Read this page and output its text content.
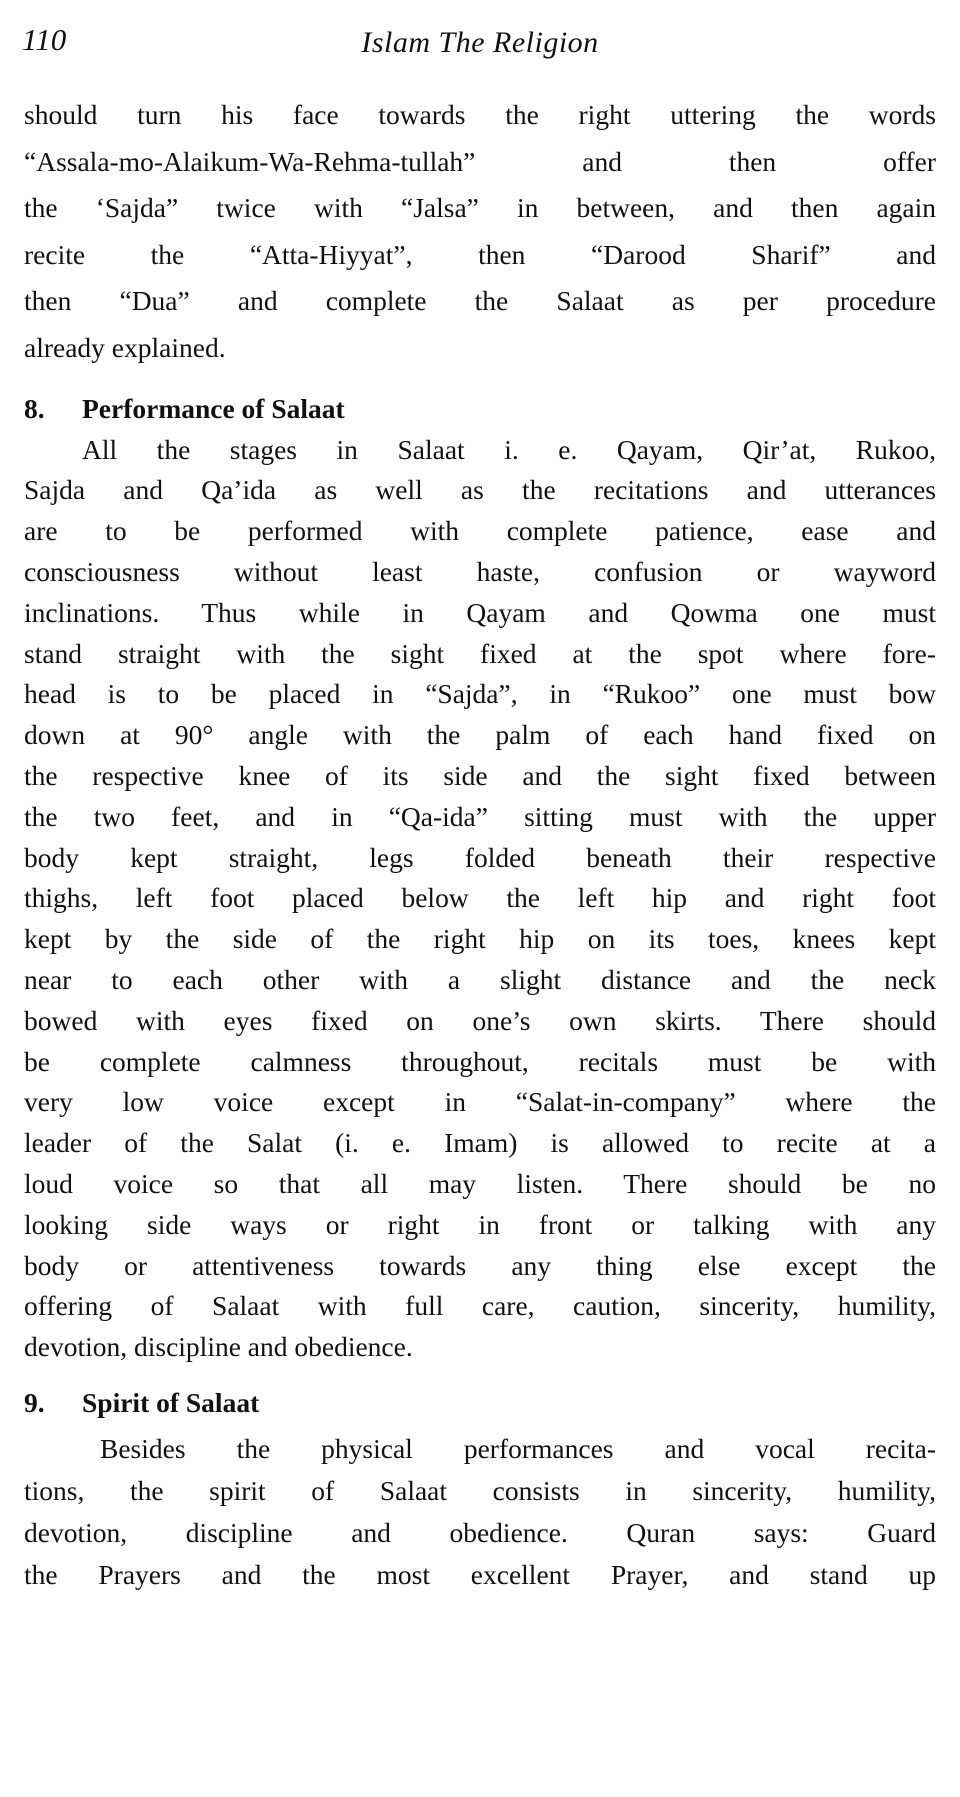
110	Islam The Religion
should turn his face towards the right uttering the words
“Assala-mo-Alaikum-Wa-Rehma-tullah” and then offer
the ‘Sajda” twice with “Jalsa” in between, and then again
recite the “Atta-Hiyyat”, then “Darood Sharif” and
then “Dua” and complete the Salaat as per procedure
already explained.
8. Performance of Salaat
All the stages in Salaat i. e. Qayam, Qir’at, Rukoo,
Sajda and Qa’ida as well as the recitations and utterances
are to be performed with complete patience, ease and
consciousness without least haste, confusion or wayword
inclinations. Thus while in Qayam and Qowma one must
stand straight with the sight fixed at the spot where fore-
head is to be placed in “Sajda”, in “Rukoo” one must bow
down at 90° angle with the palm of each hand fixed on
the respective knee of its side and the sight fixed between
the two feet, and in “Qa-ida” sitting must with the upper
body kept straight, legs folded beneath their respective
thighs, left foot placed below the left hip and right foot
kept by the side of the right hip on its toes, knees kept
near to each other with a slight distance and the neck
bowed with eyes fixed on one’s own skirts. There should
be complete calmness throughout, recitals must be with
very low voice except in “Salat-in-company” where the
leader of the Salat (i. e. Imam) is allowed to recite at a
loud voice so that all may listen. There should be no
looking side ways or right in front or talking with any
body or attentiveness towards any thing else except the
offering of Salaat with full care, caution, sincerity, humility,
devotion, discipline and obedience.
9. Spirit of Salaat
Besides the physical performances and vocal recita-
tions, the spirit of Salaat consists in sincerity, humility,
devotion, discipline and obedience. Quran says: Guard
the Prayers and the most excellent Prayer, and stand up
